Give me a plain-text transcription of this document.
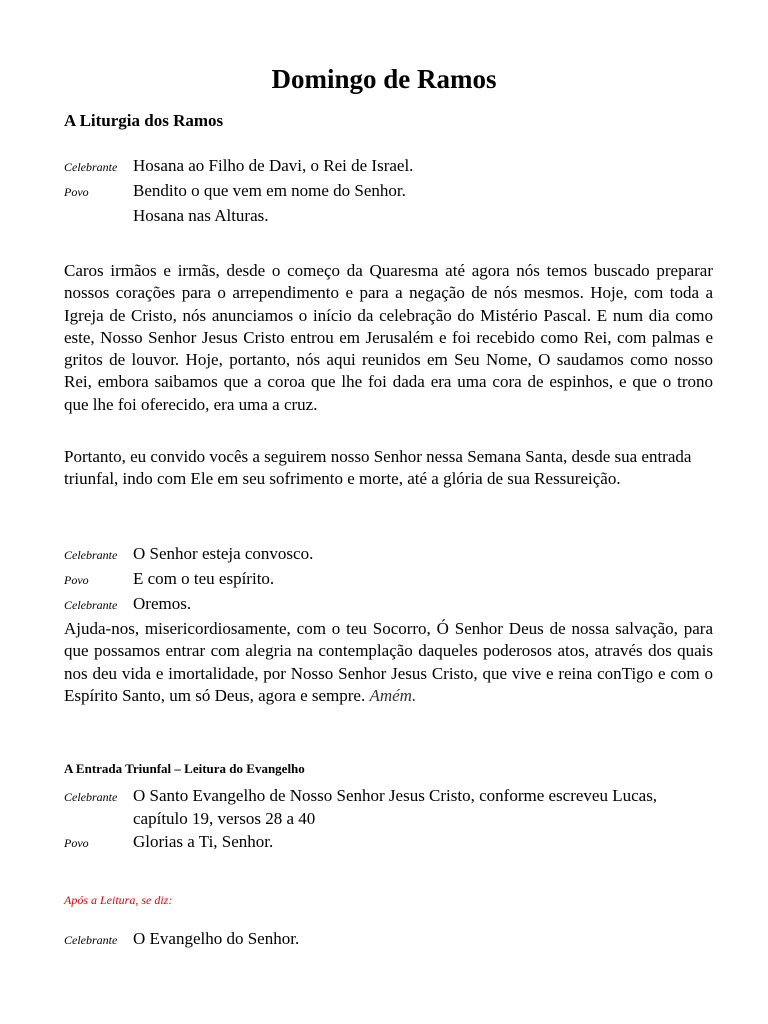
Domingo de Ramos
A Liturgia dos Ramos
Celebrante Hosana ao Filho de Davi, o Rei de Israel.
Povo	Bendito o que vem em nome do Senhor.
Hosana nas Alturas.

Caros irmãos e irmãs, desde o começo da Quaresma até agora nós temos buscado preparar nossos corações para o arrependimento e para a negação de nós mesmos. Hoje, com toda a Igreja de Cristo, nós anunciamos o início da celebração do Mistério Pascal. E num dia como este, Nosso Senhor Jesus Cristo entrou em Jerusalém e foi recebido como Rei, com palmas e gritos de louvor. Hoje, portanto, nós aqui reunidos em Seu Nome, O saudamos como nosso Rei, embora saibamos que a coroa que lhe foi dada era uma cora de espinhos, e que o trono que lhe foi oferecido, era uma a cruz.

Portanto, eu convido vocês a seguirem nosso Senhor nessa Semana Santa, desde sua entrada triunfal, indo com Ele em seu sofrimento e morte, até a glória de sua Ressureição.

Celebrante O Senhor esteja convosco.
Povo	E com o teu espírito.
Celebrante Oremos.

Ajuda-nos, misericordiosamente, com o teu Socorro, Ó Senhor Deus de nossa salvação, para que possamos entrar com alegria na contemplação daqueles poderosos atos, através dos quais nos deu vida e imortalidade, por Nosso Senhor Jesus Cristo, que vive e reina conTigo e com o Espírito Santo, um só Deus, agora e sempre. Amém.

A Entrada Triunfal – Leitura do Evangelho
Celebrante O Santo Evangelho de Nosso Senhor Jesus Cristo, conforme escreveu Lucas, capítulo 19, versos 28 a 40
Povo	Glorias a Ti, Senhor.
Após a Leitura, se diz:
Celebrante O Evangelho do Senhor.
